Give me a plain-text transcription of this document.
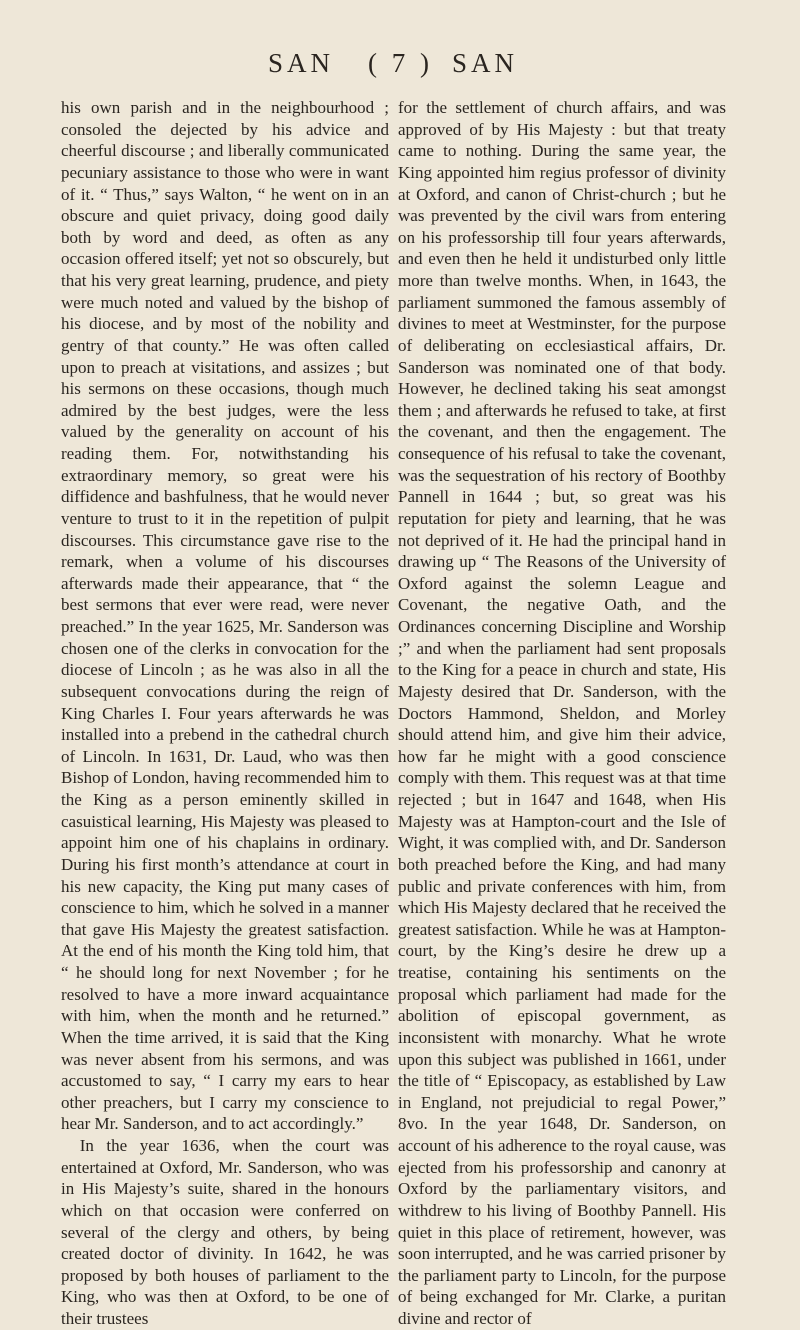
SAN ( 7 ) SAN

his own parish and in the neighbourhood ; consoled the dejected by his advice and cheerful discourse ; and liberally communicated pecuniary assistance to those who were in want of it. “ Thus,” says Walton, “ he went on in an obscure and quiet privacy, doing good daily both by word and deed, as often as any occasion offered itself; yet not so obscurely, but that his very great learning, prudence, and piety were much noted and valued by the bishop of his diocese, and by most of the nobility and gentry of that county.” He was often called upon to preach at visitations, and assizes ; but his sermons on these occasions, though much admired by the best judges, were the less valued by the generality on account of his reading them. For, notwithstanding his extraordinary memory, so great were his diffidence and bashfulness, that he would never venture to trust to it in the repetition of pulpit discourses. This circumstance gave rise to the remark, when a volume of his discourses afterwards made their appearance, that “ the best sermons that ever were read, were never preached.” In the year 1625, Mr. Sanderson was chosen one of the clerks in convocation for the diocese of Lincoln ; as he was also in all the subsequent convocations during the reign of King Charles I. Four years afterwards he was installed into a prebend in the cathedral church of Lincoln. In 1631, Dr. Laud, who was then Bishop of London, having recommended him to the King as a person eminently skilled in casuistical learning, His Majesty was pleased to appoint him one of his chaplains in ordinary. During his first month’s attendance at court in his new capacity, the King put many cases of conscience to him, which he solved in a manner that gave His Majesty the greatest satisfaction. At the end of his month the King told him, that “ he should long for next November ; for he resolved to have a more inward acquaintance with him, when the month and he returned.” When the time arrived, it is said that the King was never absent from his sermons, and was accustomed to say, “ I carry my ears to hear other preachers, but I carry my conscience to hear Mr. Sanderson, and to act accordingly.”

In the year 1636, when the court was entertained at Oxford, Mr. Sanderson, who was in His Majesty’s suite, shared in the honours which on that occasion were conferred on several of the clergy and others, by being created doctor of divinity. In 1642, he was proposed by both houses of parliament to the King, who was then at Oxford, to be one of their trustees

for the settlement of church affairs, and was approved of by His Majesty : but that treaty came to nothing. During the same year, the King appointed him regius professor of divinity at Oxford, and canon of Christ-church ; but he was prevented by the civil wars from entering on his professorship till four years afterwards, and even then he held it undisturbed only little more than twelve months. When, in 1643, the parliament summoned the famous assembly of divines to meet at Westminster, for the purpose of deliberating on ecclesiastical affairs, Dr. Sanderson was nominated one of that body. However, he declined taking his seat amongst them ; and afterwards he refused to take, at first the covenant, and then the engagement. The consequence of his refusal to take the covenant, was the sequestration of his rectory of Boothby Pannell in 1644 ; but, so great was his reputation for piety and learning, that he was not deprived of it. He had the principal hand in drawing up “ The Reasons of the University of Oxford against the solemn League and Covenant, the negative Oath, and the Ordinances concerning Discipline and Worship ;” and when the parliament had sent proposals to the King for a peace in church and state, His Majesty desired that Dr. Sanderson, with the Doctors Hammond, Sheldon, and Morley should attend him, and give him their advice, how far he might with a good conscience comply with them. This request was at that time rejected ; but in 1647 and 1648, when His Majesty was at Hampton-court and the Isle of Wight, it was complied with, and Dr. Sanderson both preached before the King, and had many public and private conferences with him, from which His Majesty declared that he received the greatest satisfaction. While he was at Hampton-court, by the King’s desire he drew up a treatise, containing his sentiments on the proposal which parliament had made for the abolition of episcopal government, as inconsistent with monarchy. What he wrote upon this subject was published in 1661, under the title of “ Episcopacy, as established by Law in England, not prejudicial to regal Power,” 8vo. In the year 1648, Dr. Sanderson, on account of his adherence to the royal cause, was ejected from his professorship and canonry at Oxford by the parliamentary visitors, and withdrew to his living of Boothby Pannell. His quiet in this place of retirement, however, was soon interrupted, and he was carried prisoner by the parliament party to Lincoln, for the purpose of being exchanged for Mr. Clarke, a puritan divine and rector of
